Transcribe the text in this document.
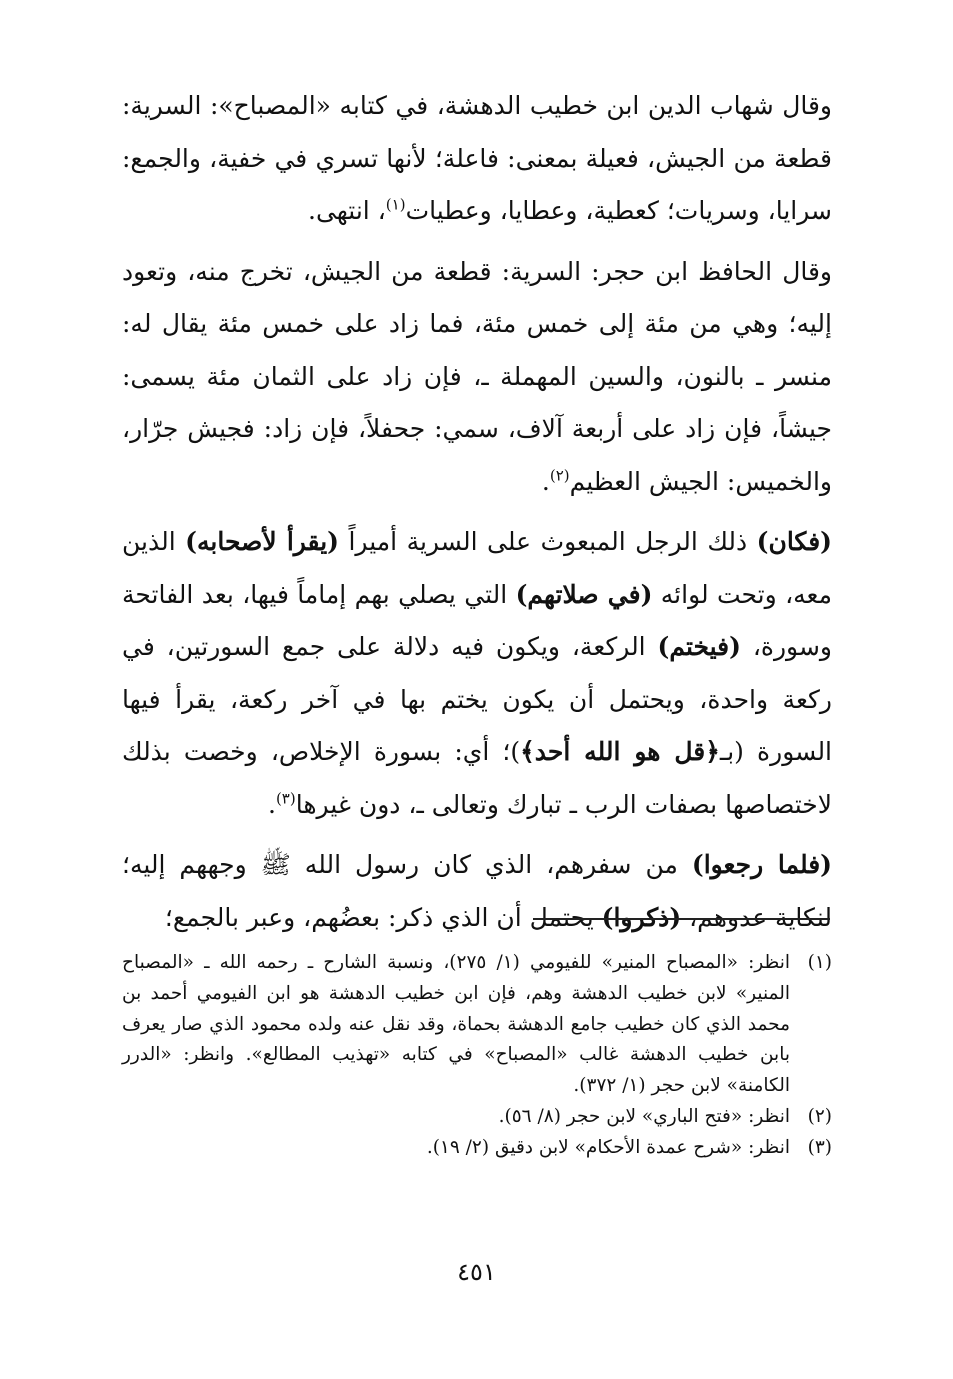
وقال شهاب الدين ابن خطيب الدهشة، في كتابه «المصباح»: السرية: قطعة من الجيش، فعيلة بمعنى: فاعلة؛ لأنها تسري في خفية، والجمع: سرايا، وسريات؛ كعطية، وعطايا، وعطيات$^{(١)}$، انتهى.

وقال الحافظ ابن حجر: السرية: قطعة من الجيش، تخرج منه، وتعود إليه؛ وهي من مئة إلى خمس مئة، فما زاد على خمس مئة يقال له: منسر ـ بالنون، والسين المهملة ـ، فإن زاد على الثمان مئة يسمى: جيشاً، فإن زاد على أربعة آلاف، سمي: جحفلاً، فإن زاد: فجيش جرّار، والخميس: الجيش العظيم$^{(٢)}$.

(فكان) ذلك الرجل المبعوث على السرية أميراً (يقرأ لأصحابه) الذين معه، وتحت لوائه (في صلاتهم) التي يصلي بهم إماماً فيها، بعد الفاتحة وسورة، (فيختم) الركعة، ويكون فيه دلالة على جمع السورتين، في ركعة واحدة، ويحتمل أن يكون يختم بها في آخر ركعة، يقرأ فيها السورة (بـ﴿قل هو الله أحد﴾)؛ أي: بسورة الإخلاص، وخصت بذلك لاختصاصها بصفات الرب ـ تبارك وتعالى ـ، دون غيرها$^{(٣)}$.

(فلما رجعوا) من سفرهم، الذي كان رسول الله ﷺ وجههم إليه؛ لنكاية عدوهم، (ذكروا) يحتمل أن الذي ذكر: بعضُهم، وعبر بالجمع؛

(١)
انظر: «المصباح المنير» للفيومي (١/ ٢٧٥)، ونسبة الشارح ـ رحمه الله ـ «المصباح المنير» لابن خطيب الدهشة وهم، فإن ابن خطيب الدهشة هو ابن الفيومي أحمد بن محمد الذي كان خطيب جامع الدهشة بحماة، وقد نقل عنه ولده محمود الذي صار يعرف بابن خطيب الدهشة غالب «المصباح» في كتابه «تهذيب المطالع». وانظر: «الدرر الكامنة» لابن حجر (١/ ٣٧٢).
(٢)
انظر: «فتح الباري» لابن حجر (٨/ ٥٦).
(٣)
انظر: «شرح عمدة الأحكام» لابن دقيق (٢/ ١٩).
٤٥١
